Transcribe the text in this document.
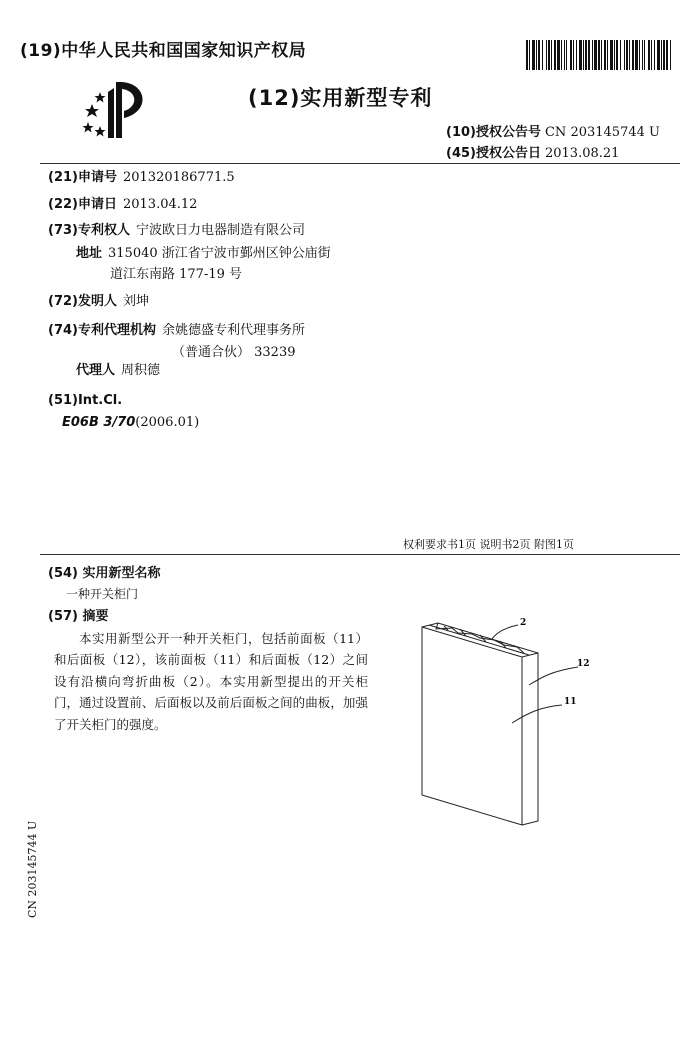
(19)中华人民共和国国家知识产权局
(12)实用新型专利
(10)授权公告号 CN 203145744 U
(45)授权公告日 2013.08.21
(21)申请号 201320186771.5
(22)申请日 2013.04.12
(73)专利权人 宁波欧日力电器制造有限公司
地址 315040 浙江省宁波市鄞州区钟公庙街
道江东南路 177-19 号
(72)发明人 刘坤
(74)专利代理机构 余姚德盛专利代理事务所
（普通合伙） 33239
代理人 周积德
(51)Int.Cl.
E06B 3/70(2006.01)
权利要求书1页 说明书2页 附图1页
(54) 实用新型名称
一种开关柜门
(57) 摘要
本实用新型公开一种开关柜门，包括前面板（11）和后面板（12），该前面板（11）和后面板（12）之间设有沿横向弯折曲板（2）。本实用新型提出的开关柜门，通过设置前、后面板以及前后面板之间的曲板，加强了开关柜门的强度。
2
12
11
CN 203145744 U
